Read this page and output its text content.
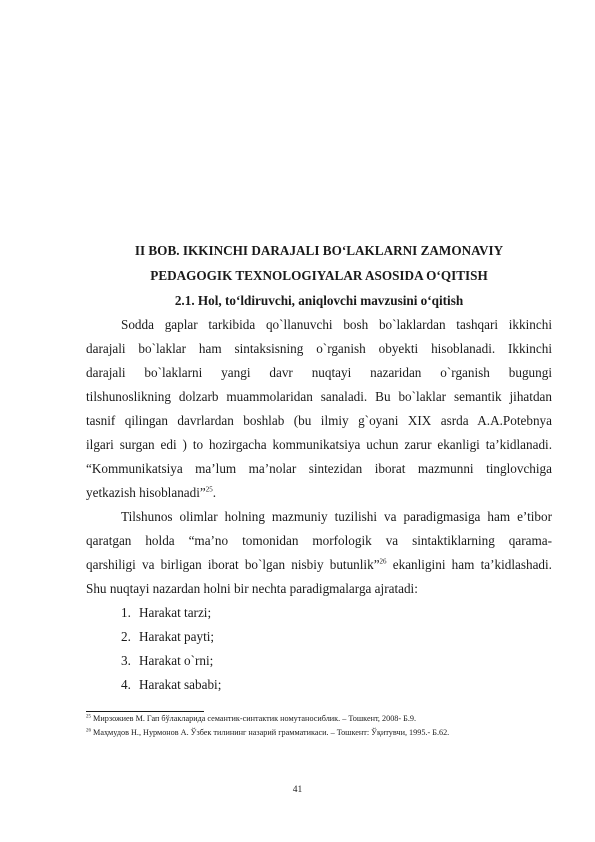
II BOB. IKKINCHI DARAJALI BO‘LAKLARNI ZAMONAVIY
PEDAGOGIK TEXNOLOGIYALAR ASOSIDA O‘QITISH
2.1. Hol, to‘ldiruvchi, aniqlovchi mavzusini o‘qitish
Sodda gaplar tarkibida qo`llanuvchi bosh bo`laklardan tashqari ikkinchi
darajali bo`laklar ham sintaksisning o`rganish obyekti hisoblanadi. Ikkinchi
darajali bo`laklarni yangi davr nuqtayi nazaridan o`rganish bugungi
tilshunoslikning dolzarb muammolaridan sanaladi. Bu bo`laklar semantik jihatdan
tasnif qilingan davrlardan boshlab (bu ilmiy g`oyani XIX asrda A.A.Potebnya
ilgari surgan edi ) to hozirgacha kommunikatsiya uchun zarur ekanligi ta’kidlanadi.
“Kommunikatsiya ma’lum ma’nolar sintezidan iborat mazmunni tinglovchiga
yetkazish hisoblanadi”$^{25}$.
Tilshunos olimlar holning mazmuniy tuzilishi va paradigmasiga ham e’tibor
qaratgan holda “ma’no tomonidan morfologik va sintaktiklarning qarama-
qarshiligi va birligan iborat bo`lgan nisbiy butunlik”$^{26}$ ekanligini ham ta’kidlashadi.
Shu nuqtayi nazardan holni bir nechta paradigmalarga ajratadi:
1. Harakat tarzi;
2. Harakat payti;
3. Harakat o`rni;
4. Harakat sababi;
$^{25}$ Мирзожиев М. Гап бўлакларида семантик-синтактик номутаносиблик. – Тошкент, 2008- Б.9.
$^{26}$ Маҳмудов Н., Нурмонов А. Ўзбек тилининг назарий грамматикаси. – Тошкент: Ўқитувчи, 1995.- Б.62.
41
